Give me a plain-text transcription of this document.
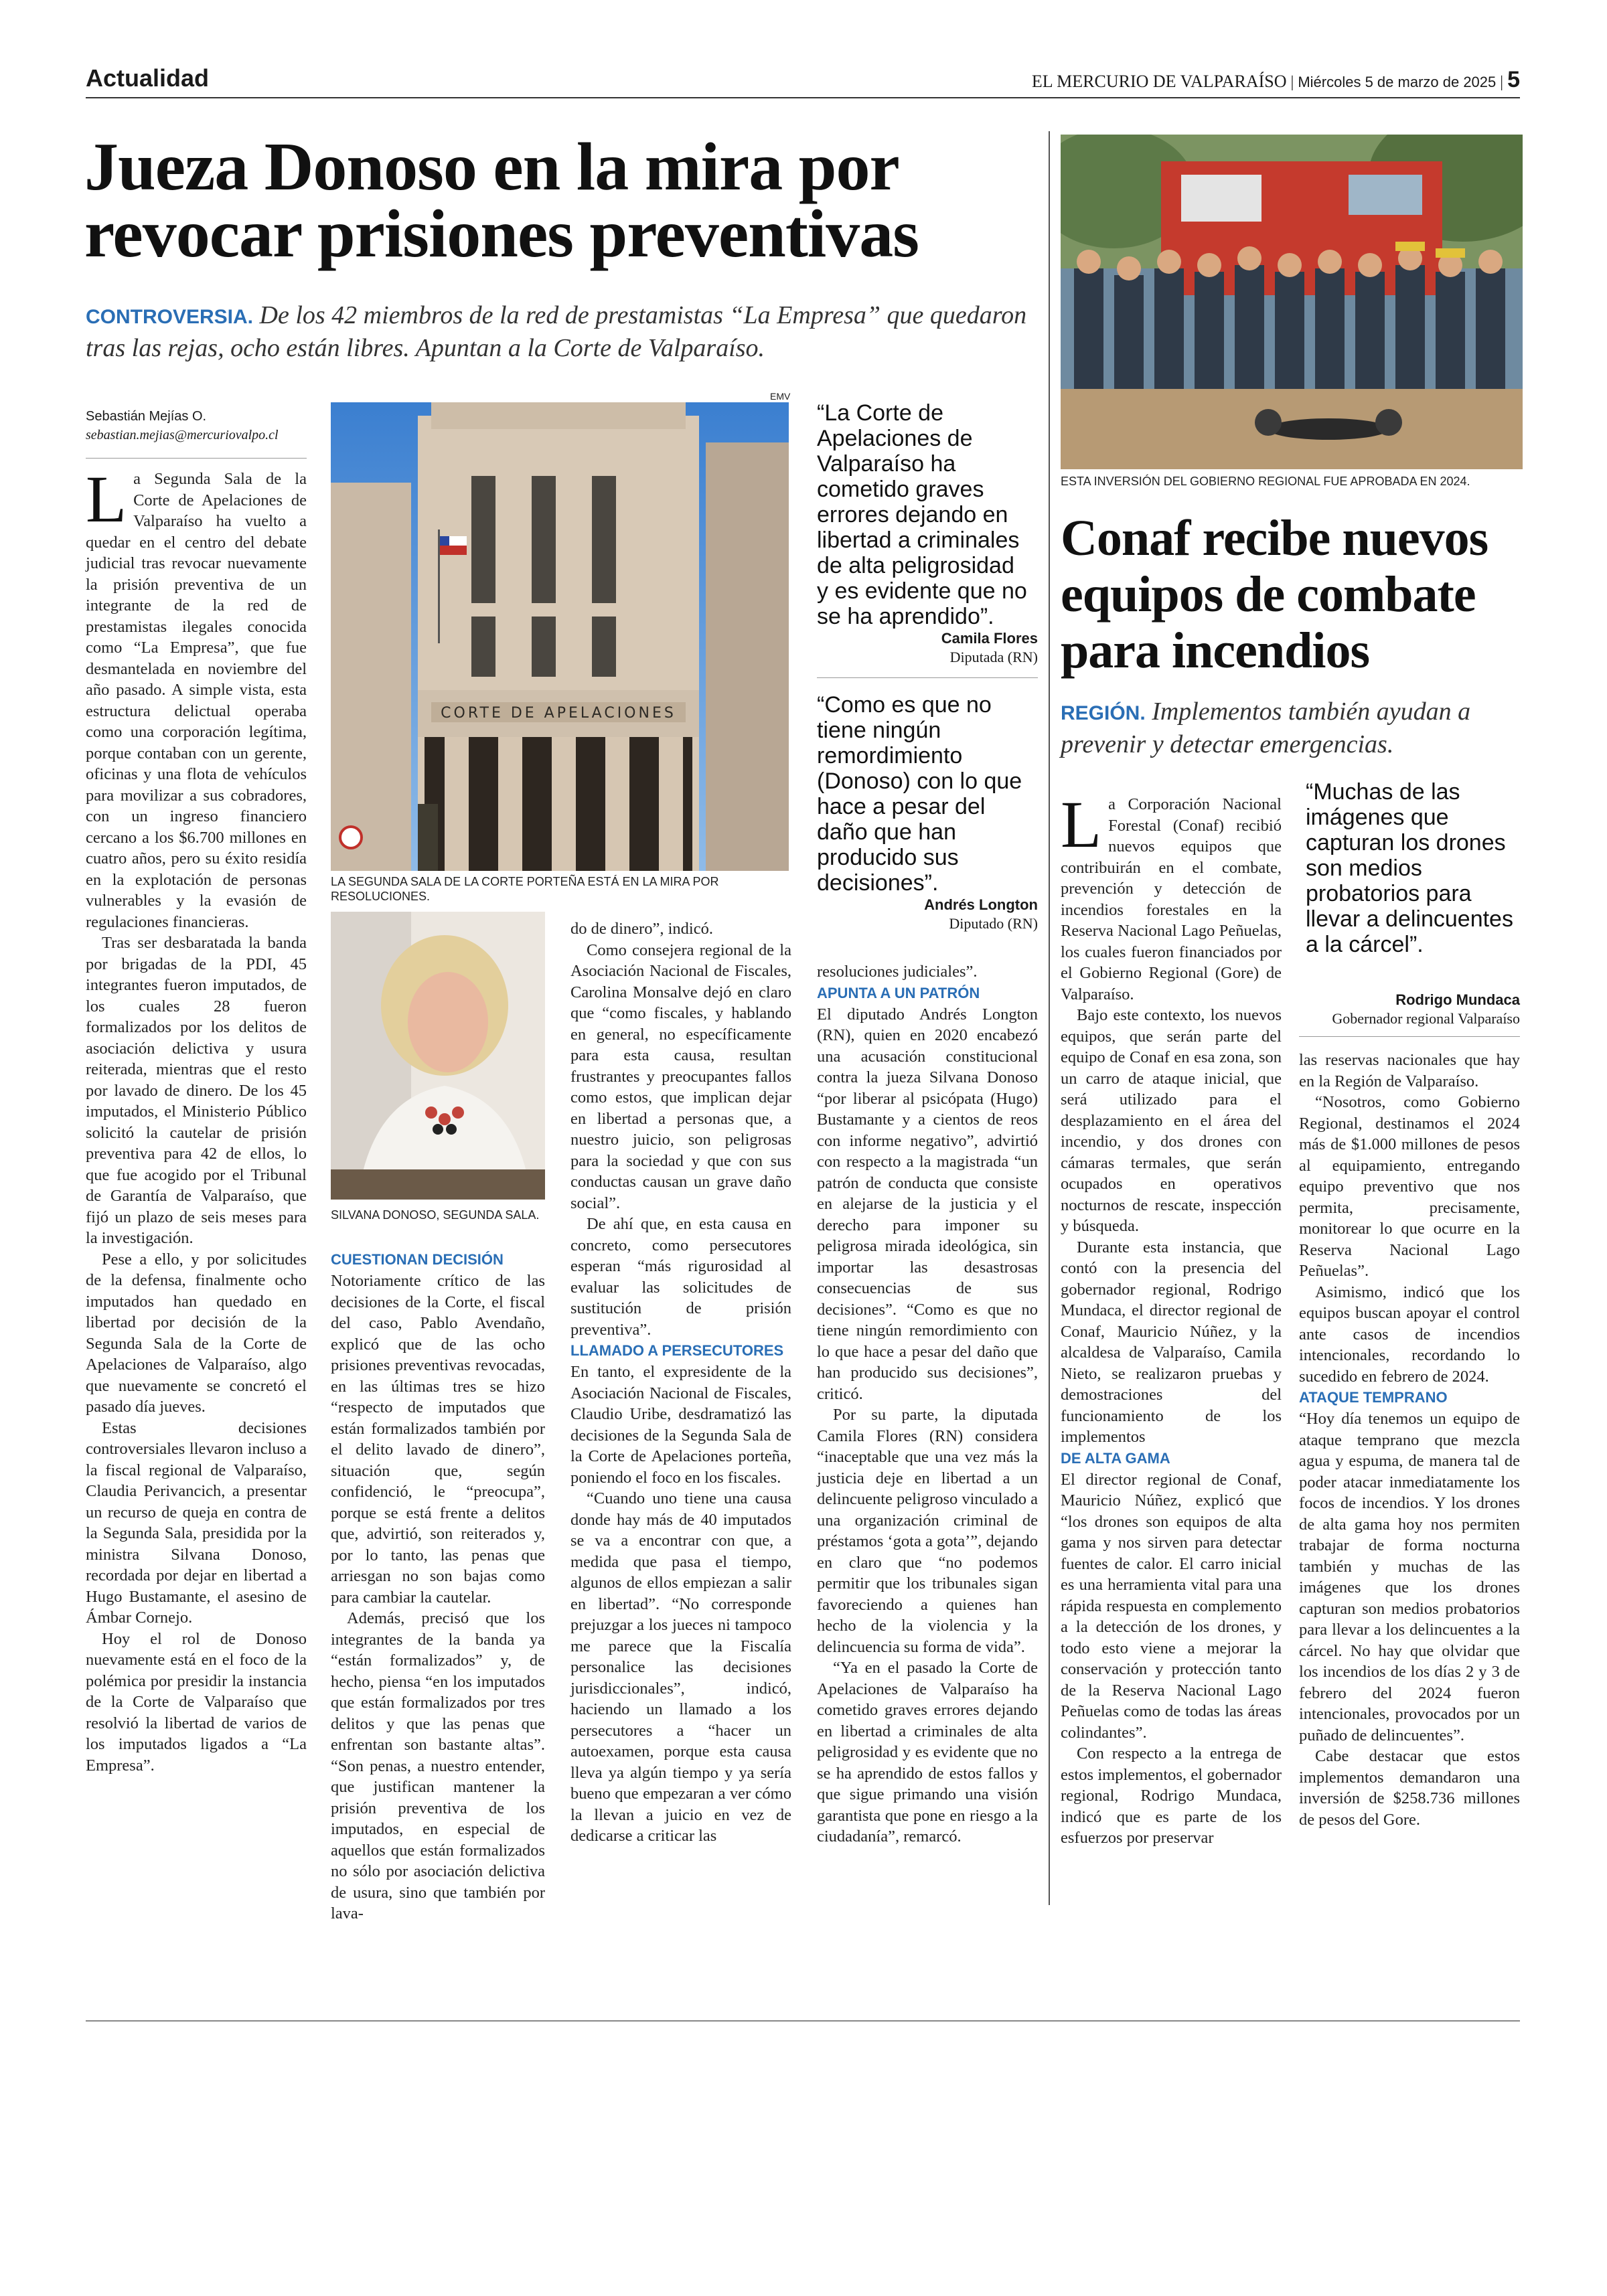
Actualidad	EL MERCURIO DE VALPARAÍSO | Miércoles 5 de marzo de 2025 | 5
Jueza Donoso en la mira por
revocar prisiones preventivas
CONTROVERSIA. De los 42 miembros de la red de prestamistas “La Empresa” que quedaron tras las rejas, ocho están libres. Apuntan a la Corte de Valparaíso.
Sebastián Mejías O.
sebastian.mejias@mercuriovalpo.cl
EMV
CORTE DE APELACIONES
LA SEGUNDA SALA DE LA CORTE PORTEÑA ESTÁ EN LA MIRA POR RESOLUCIONES.
SILVANA DONOSO, SEGUNDA SALA.

La Segunda Sala de la Corte de Apelaciones de Valparaíso ha vuelto a quedar en el centro del debate judicial tras revocar nuevamente la prisión preventiva de un integrante de la red de prestamistas ilegales conocida como “La Empresa”, que fue desmantelada en noviembre del año pasado. A simple vista, esta estructura delictual operaba como una corporación legítima, porque contaban con un gerente, oficinas y una flota de vehículos para movilizar a sus cobradores, con un ingreso financiero cercano a los $6.700 millones en cuatro años, pero su éxito residía en la explotación de personas vulnerables y la evasión de regulaciones financieras.

Tras ser desbaratada la banda por brigadas de la PDI, 45 integrantes fueron imputados, de los cuales 28 fueron formalizados por los delitos de asociación delictiva y usura reiterada, mientras que el resto por lavado de dinero. De los 45 imputados, el Ministerio Público solicitó la cautelar de prisión preventiva para 42 de ellos, lo que fue acogido por el Tribunal de Garantía de Valparaíso, que fijó un plazo de seis meses para la investigación.

Pese a ello, y por solicitudes de la defensa, finalmente ocho imputados han quedado en libertad por decisión de la Segunda Sala de la Corte de Apelaciones de Valparaíso, algo que nuevamente se concretó el pasado día jueves.

Estas decisiones controversiales llevaron incluso a la fiscal regional de Valparaíso, Claudia Perivancich, a presentar un recurso de queja en contra de la Segunda Sala, presidida por la ministra Silvana Donoso, recordada por dejar en libertad a Hugo Bustamante, el asesino de Ámbar Cornejo.

Hoy el rol de Donoso nuevamente está en el foco de la polémica por presidir la instancia de la Corte de Valparaíso que resolvió la libertad de varios de los imputados ligados a “La Empresa”.

CUESTIONAN DECISIÓN

Notoriamente crítico de las decisiones de la Corte, el fiscal del caso, Pablo Avendaño, explicó que de las ocho prisiones preventivas revocadas, en las últimas tres se hizo “respecto de imputados que están formalizados también por el delito lavado de dinero”, situación que, según confidenció, le “preocupa”, porque se está frente a delitos que, advirtió, son reiterados y, por lo tanto, las penas que arriesgan no son bajas como para cambiar la cautelar.

Además, precisó que los integrantes de la banda ya “están formalizados” y, de hecho, piensa “en los imputados que están formalizados por tres delitos y que las penas que enfrentan son bastante altas”. “Son penas, a nuestro entender, que justifican mantener la prisión preventiva de los imputados, en especial de aquellos que están formalizados no sólo por asociación delictiva de usura, sino que también por lava-

do de dinero”, indicó.

Como consejera regional de la Asociación Nacional de Fiscales, Carolina Monsalve dejó en claro que “como fiscales, y hablando en general, no específicamente para esta causa, resultan frustrantes y preocupantes fallos como estos, que implican dejar en libertad a personas que, a nuestro juicio, son peligrosas para la sociedad y que con sus conductas causan un grave daño social”.

De ahí que, en esta causa en concreto, como persecutores esperan “más rigurosidad al evaluar las solicitudes de sustitución de prisión preventiva”.

LLAMADO A PERSECUTORES

En tanto, el expresidente de la Asociación Nacional de Fiscales, Claudio Uribe, desdramatizó las decisiones de la Segunda Sala de la Corte de Apelaciones porteña, poniendo el foco en los fiscales.

“Cuando uno tiene una causa donde hay más de 40 imputados se va a encontrar con que, a medida que pasa el tiempo, algunos de ellos empiezan a salir en libertad”. “No corresponde prejuzgar a los jueces ni tampoco me parece que la Fiscalía personalice las decisiones jurisdiccionales”, indicó, haciendo un llamado a los persecutores a “hacer un autoexamen, porque esta causa lleva ya algún tiempo y ya sería bueno que empezaran a ver cómo la llevan a juicio en vez de dedicarse a criticar las

“La Corte de Apelaciones de Valparaíso ha cometido graves errores dejando en libertad a criminales de alta peligrosidad y es evidente que no se ha aprendido”.
Camila Flores
Diputada (RN)
“Como es que no tiene ningún remordimiento (Donoso) con lo que hace a pesar del daño que han producido sus decisiones”.
Andrés Longton
Diputado (RN)

resoluciones judiciales”.

APUNTA A UN PATRÓN

El diputado Andrés Longton (RN), quien en 2020 encabezó una acusación constitucional contra la jueza Silvana Donoso “por liberar al psicópata (Hugo) Bustamante y a cientos de reos con informe negativo”, advirtió con respecto a la magistrada “un patrón de conducta que consiste en alejarse de la justicia y el derecho para imponer su peligrosa mirada ideológica, sin importar las desastrosas consecuencias de sus decisiones”. “Como es que no tiene ningún remordimiento con lo que hace a pesar del daño que han producido sus decisiones”, criticó.

Por su parte, la diputada Camila Flores (RN) considera “inaceptable que una vez más la justicia deje en libertad a un delincuente peligroso vinculado a una organización criminal de préstamos ‘gota a gota’”, dejando en claro que “no podemos permitir que los tribunales sigan favoreciendo a quienes han hecho de la violencia y la delincuencia su forma de vida”.

“Ya en el pasado la Corte de Apelaciones de Valparaíso ha cometido graves errores dejando en libertad a criminales de alta peligrosidad y es evidente que no se ha aprendido de estos fallos y que sigue primando una visión garantista que pone en riesgo a la ciudadanía”, remarcó.

ESTA INVERSIÓN DEL GOBIERNO REGIONAL FUE APROBADA EN 2024.
Conaf recibe nuevos
equipos de combate
para incendios
REGIÓN. Implementos también ayudan a prevenir y detectar emergencias.

La Corporación Nacional Forestal (Conaf) recibió nuevos equipos que contribuirán en el combate, prevención y detección de incendios forestales en la Reserva Nacional Lago Peñuelas, los cuales fueron financiados por el Gobierno Regional (Gore) de Valparaíso.

Bajo este contexto, los nuevos equipos, que serán parte del equipo de Conaf en esa zona, son un carro de ataque inicial, que será utilizado para el desplazamiento en el área del incendio, y dos drones con cámaras termales, que serán ocupados en operativos nocturnos de rescate, inspección y búsqueda.

Durante esta instancia, que contó con la presencia del gobernador regional, Rodrigo Mundaca, el director regional de Conaf, Mauricio Núñez, y la alcaldesa de Valparaíso, Camila Nieto, se realizaron pruebas y demostraciones del funcionamiento de los implementos

DE ALTA GAMA

El director regional de Conaf, Mauricio Núñez, explicó que “los drones son equipos de alta gama y nos sirven para detectar fuentes de calor. El carro inicial es una herramienta vital para una rápida respuesta en complemento a la detección de los drones, y todo esto viene a mejorar la conservación y protección tanto de la Reserva Nacional Lago Peñuelas como de todas las áreas colindantes”.

Con respecto a la entrega de estos implementos, el gobernador regional, Rodrigo Mundaca, indicó que es parte de los esfuerzos por preservar

“Muchas de las imágenes que capturan los drones son medios probatorios para llevar a delincuentes a la cárcel”.
Rodrigo Mundaca
Gobernador regional Valparaíso

las reservas nacionales que hay en la Región de Valparaíso.

“Nosotros, como Gobierno Regional, destinamos el 2024 más de $1.000 millones de pesos al equipamiento, entregando equipo preventivo que nos permita, precisamente, monitorear lo que ocurre en la Reserva Nacional Lago Peñuelas”.

Asimismo, indicó que los equipos buscan apoyar el control ante casos de incendios intencionales, recordando lo sucedido en febrero de 2024.

ATAQUE TEMPRANO

“Hoy día tenemos un equipo de ataque temprano que mezcla agua y espuma, de manera tal de poder atacar inmediatamente los focos de incendios. Y los drones de alta gama hoy nos permiten trabajar de forma nocturna también y muchas de las imágenes que los drones capturan son medios probatorios para llevar a los delincuentes a la cárcel. No hay que olvidar que los incendios de los días 2 y 3 de febrero del 2024 fueron intencionales, provocados por un puñado de delincuentes”.

Cabe destacar que estos implementos demandaron una inversión de $258.736 millones de pesos del Gore.
